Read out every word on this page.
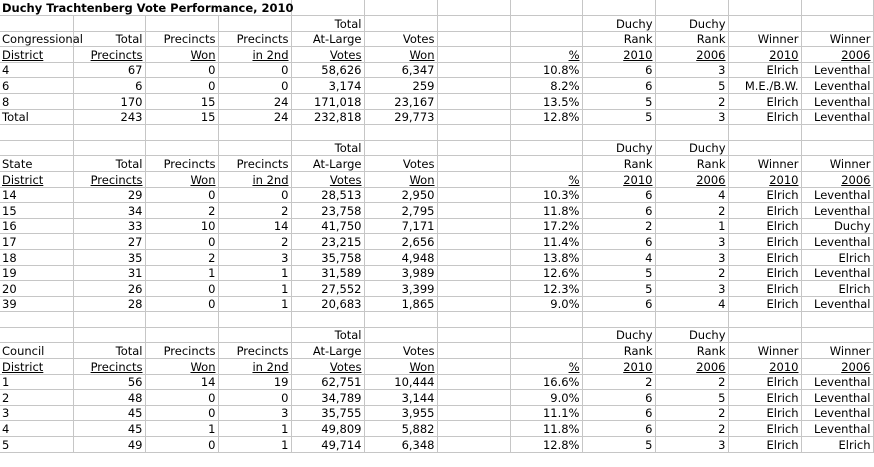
Duchy Trachtenberg Vote Performance, 2010											
				Total				Duchy	Duchy		
Congressional	Total	Precincts	Precincts	At-Large	Votes			Rank	Rank	Winner	Winner
District	Precincts	Won	in 2nd	Votes	Won		%	2010	2006	2010	2006
4	67	0	0	58,626	6,347		10.8%	6	3	Elrich	Leventhal
6	6	0	0	3,174	259		8.2%	6	5	M.E./B.W.	Leventhal
8	170	15	24	171,018	23,167		13.5%	5	2	Elrich	Leventhal
Total	243	15	24	232,818	29,773		12.8%	5	3	Elrich	Leventhal

				Total				Duchy	Duchy		
State	Total	Precincts	Precincts	At-Large	Votes			Rank	Rank	Winner	Winner
District	Precincts	Won	in 2nd	Votes	Won		%	2010	2006	2010	2006
14	29	0	0	28,513	2,950		10.3%	6	4	Elrich	Leventhal
15	34	2	2	23,758	2,795		11.8%	6	2	Elrich	Leventhal
16	33	10	14	41,750	7,171		17.2%	2	1	Elrich	Duchy
17	27	0	2	23,215	2,656		11.4%	6	3	Elrich	Leventhal
18	35	2	3	35,758	4,948		13.8%	4	3	Elrich	Elrich
19	31	1	1	31,589	3,989		12.6%	5	2	Elrich	Leventhal
20	26	0	1	27,552	3,399		12.3%	5	3	Elrich	Elrich
39	28	0	1	20,683	1,865		9.0%	6	4	Elrich	Leventhal

				Total				Duchy	Duchy		
Council	Total	Precincts	Precincts	At-Large	Votes			Rank	Rank	Winner	Winner
District	Precincts	Won	in 2nd	Votes	Won		%	2010	2006	2010	2006
1	56	14	19	62,751	10,444		16.6%	2	2	Elrich	Leventhal
2	48	0	0	34,789	3,144		9.0%	6	5	Elrich	Leventhal
3	45	0	3	35,755	3,955		11.1%	6	2	Elrich	Leventhal
4	45	1	1	49,809	5,882		11.8%	6	2	Elrich	Leventhal
5	49	0	1	49,714	6,348		12.8%	5	3	Elrich	Elrich
